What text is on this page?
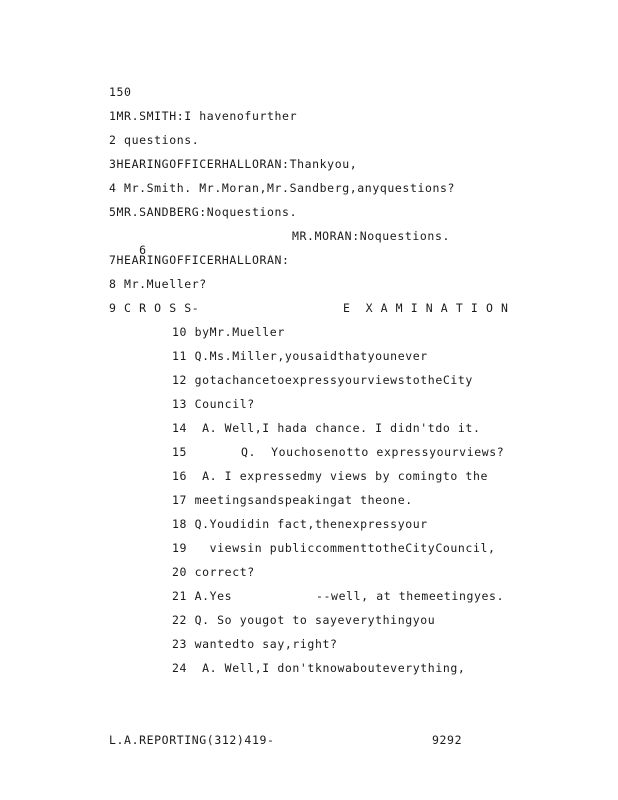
150
1MR.SMITH:I havenofurther
2 questions.
3HEARINGOFFICERHALLORAN:Thankyou,
4 Mr.Smith. Mr.Moran,Mr.Sandberg,anyquestions?
5MR.SANDBERG:Noquestions.

6

MR.MORAN:Noquestions.
7HEARINGOFFICERHALLORAN:
8 Mr.Mueller?
9 C R O S S-	E  X A M I N A T I O N
10 byMr.Mueller
11 Q.Ms.Miller,yousaidthatyounever
12 gotachancetoexpressyourviewstotheCity
13 Council?
14  A. Well,I hada chance. I didn'tdo it.
15	Q.  Youchosenotto expressyourviews?
16  A. I expressedmy views by comingto the
17 meetingsandspeakingat theone.
18 Q.Youdidin fact,thenexpressyour
19   viewsin publiccommenttotheCityCouncil,
20 correct?
21 A.Yes	--well, at themeetingyes.
22 Q. So yougot to sayeverythingyou
23 wantedto say,right?
24  A. Well,I don'tknowabouteverything,
L.A.REPORTING(312)419-	9292
